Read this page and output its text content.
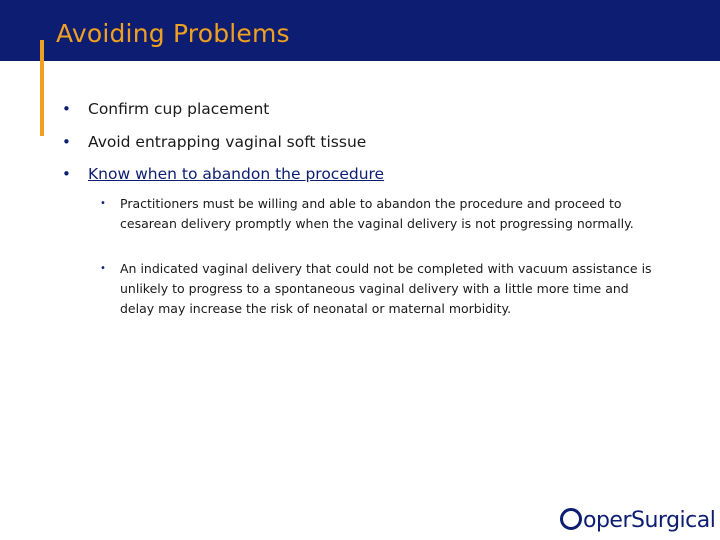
Avoiding Problems
• Confirm cup placement
• Avoid entrapping vaginal soft tissue
• Know when to abandon the procedure
•	Practitioners must be willing and able to abandon the procedure and proceed to cesarean delivery promptly when the vaginal delivery is not progressing normally.
•	An indicated vaginal delivery that could not be completed with vacuum assistance is unlikely to progress to a spontaneous vaginal delivery with a little more time and delay may increase the risk of neonatal or maternal morbidity.
operSurgical
